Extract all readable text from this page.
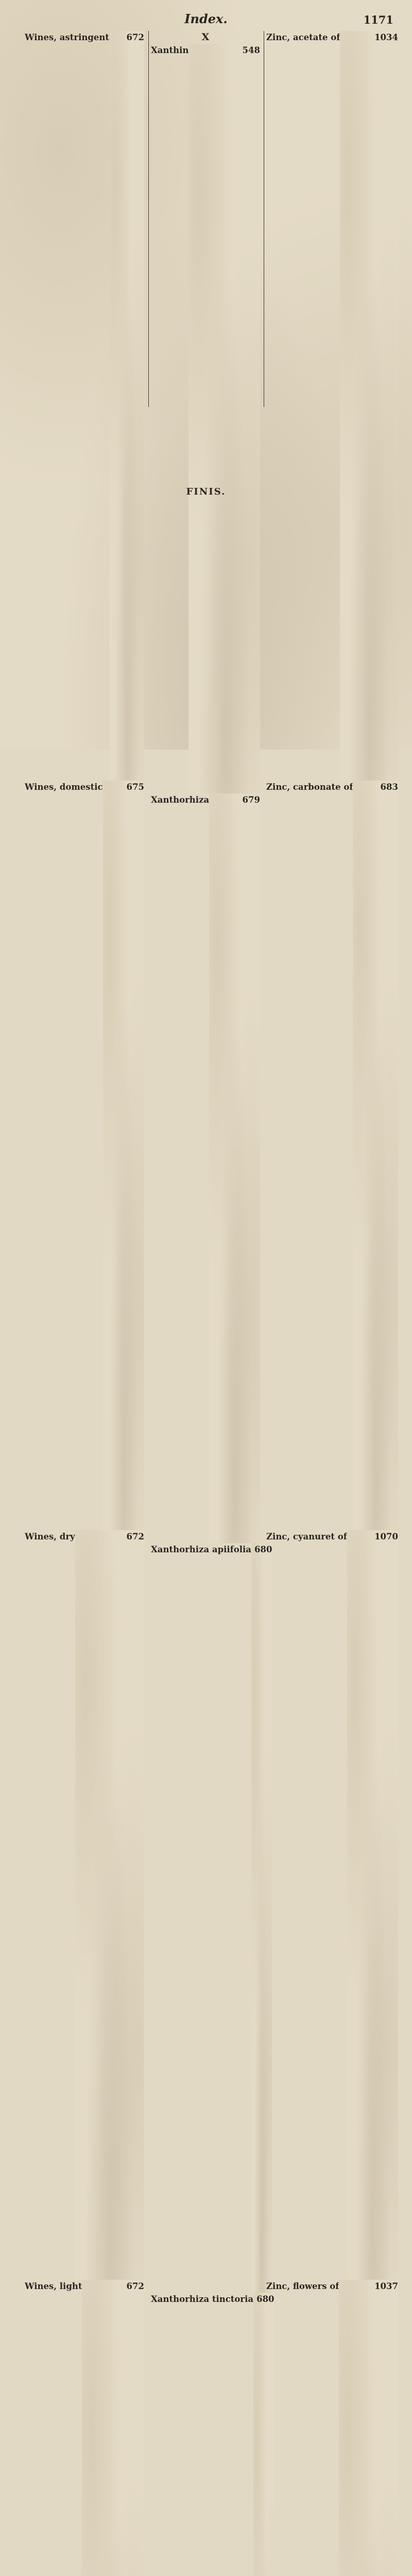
Index.	1171
Wines, astringent	672
Wines, domestic	675
Wines, dry	672
Wines, light	672
X
Xanthin	548
Xanthorhiza	679
Xanthorhiza apiifolia 680
Xanthorhiza tinctoria 680

Zinc, acetate of	1034
Zinc, carbonate of	683
Zinc, cyanuret of	1070
Zinc, flowers of	1037
FINIS.
